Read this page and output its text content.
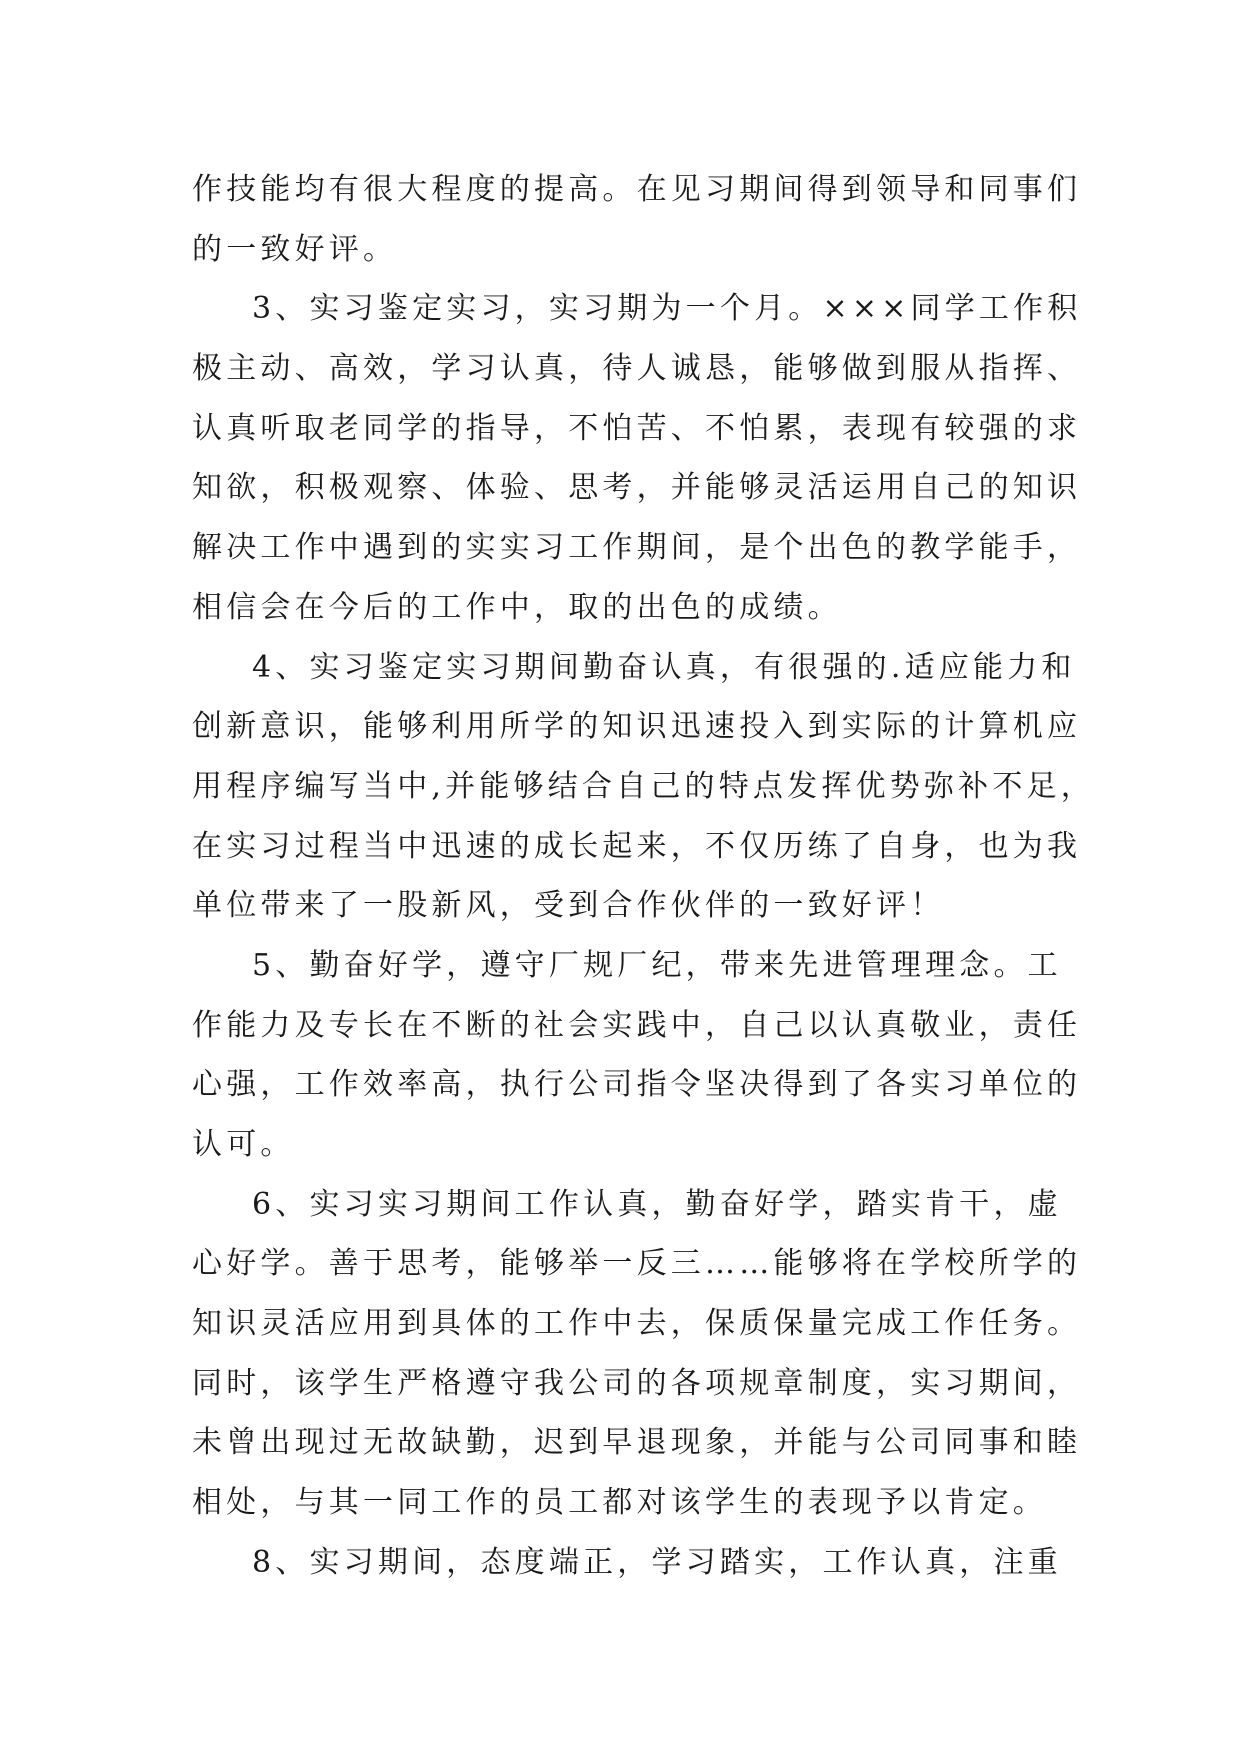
作技能均有很大程度的提高。在见习期间得到领导和同事们
的一致好评。
3、实习鉴定实习，实习期为一个月。×××同学工作积
极主动、高效，学习认真，待人诚恳，能够做到服从指挥、
认真听取老同学的指导，不怕苦、不怕累，表现有较强的求
知欲，积极观察、体验、思考，并能够灵活运用自己的知识
解决工作中遇到的实实习工作期间，是个出色的教学能手，
相信会在今后的工作中，取的出色的成绩。
4、实习鉴定实习期间勤奋认真，有很强的.适应能力和
创新意识，能够利用所学的知识迅速投入到实际的计算机应
用程序编写当中,并能够结合自己的特点发挥优势弥补不足，
在实习过程当中迅速的成长起来，不仅历练了自身，也为我
单位带来了一股新风，受到合作伙伴的一致好评！
5、勤奋好学，遵守厂规厂纪，带来先进管理理念。工
作能力及专长在不断的社会实践中，自己以认真敬业，责任
心强，工作效率高，执行公司指令坚决得到了各实习单位的
认可。
6、实习实习期间工作认真，勤奋好学，踏实肯干，虚
心好学。善于思考，能够举一反三……能够将在学校所学的
知识灵活应用到具体的工作中去，保质保量完成工作任务。
同时，该学生严格遵守我公司的各项规章制度，实习期间，
未曾出现过无故缺勤，迟到早退现象，并能与公司同事和睦
相处，与其一同工作的员工都对该学生的表现予以肯定。
8、实习期间，态度端正，学习踏实，工作认真，注重
